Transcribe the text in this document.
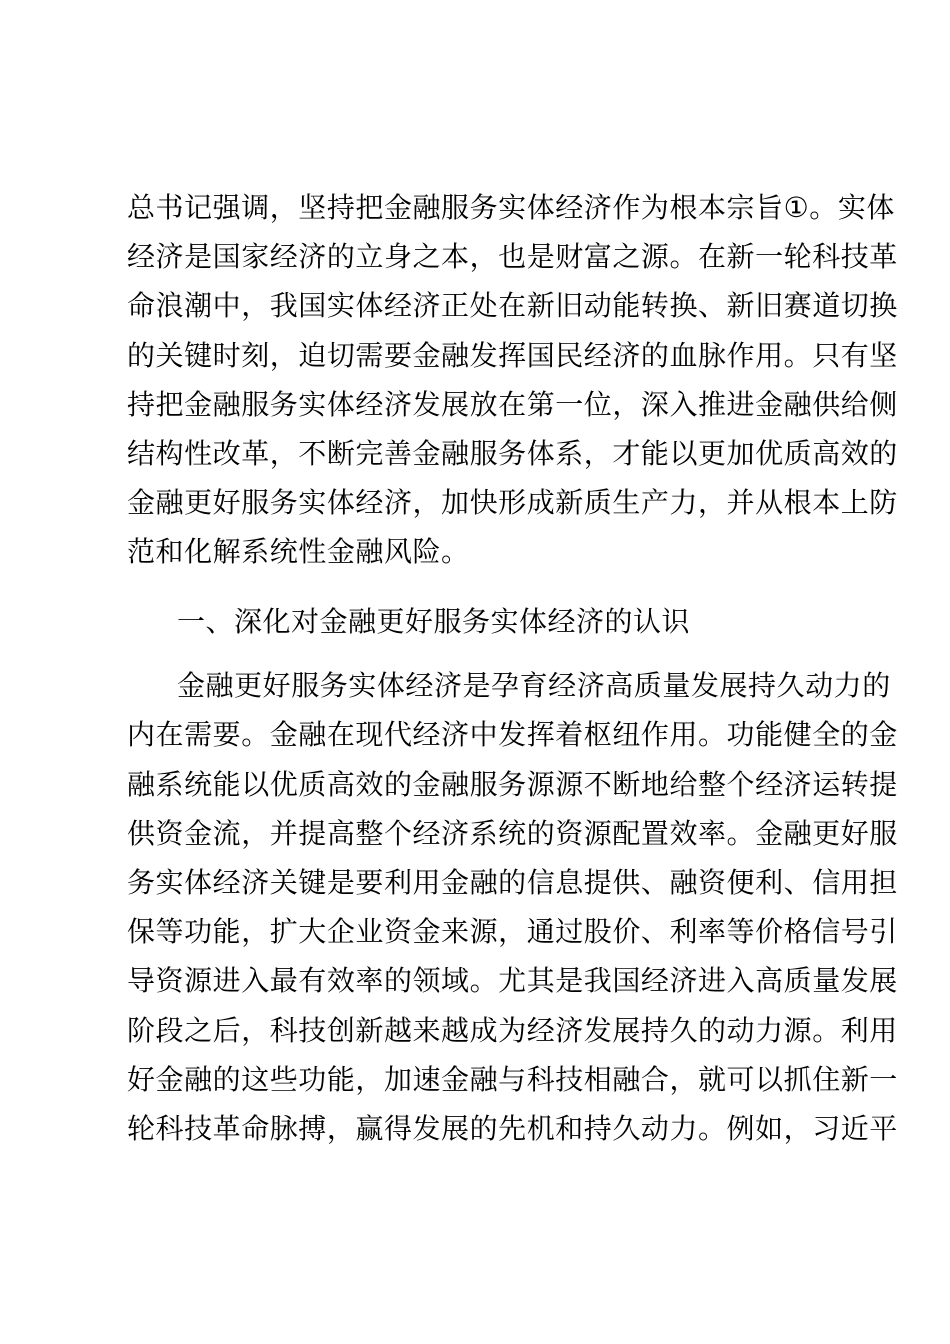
总书记强调，坚持把金融服务实体经济作为根本宗旨①。实体
经济是国家经济的立身之本，也是财富之源。在新一轮科技革
命浪潮中，我国实体经济正处在新旧动能转换、新旧赛道切换
的关键时刻，迫切需要金融发挥国民经济的血脉作用。只有坚
持把金融服务实体经济发展放在第一位，深入推进金融供给侧
结构性改革，不断完善金融服务体系，才能以更加优质高效的
金融更好服务实体经济，加快形成新质生产力，并从根本上防
范和化解系统性金融风险。
一、深化对金融更好服务实体经济的认识
金融更好服务实体经济是孕育经济高质量发展持久动力的
内在需要。金融在现代经济中发挥着枢纽作用。功能健全的金
融系统能以优质高效的金融服务源源不断地给整个经济运转提
供资金流，并提高整个经济系统的资源配置效率。金融更好服
务实体经济关键是要利用金融的信息提供、融资便利、信用担
保等功能，扩大企业资金来源，通过股价、利率等价格信号引
导资源进入最有效率的领域。尤其是我国经济进入高质量发展
阶段之后，科技创新越来越成为经济发展持久的动力源。利用
好金融的这些功能，加速金融与科技相融合，就可以抓住新一
轮科技革命脉搏，赢得发展的先机和持久动力。例如，习近平
